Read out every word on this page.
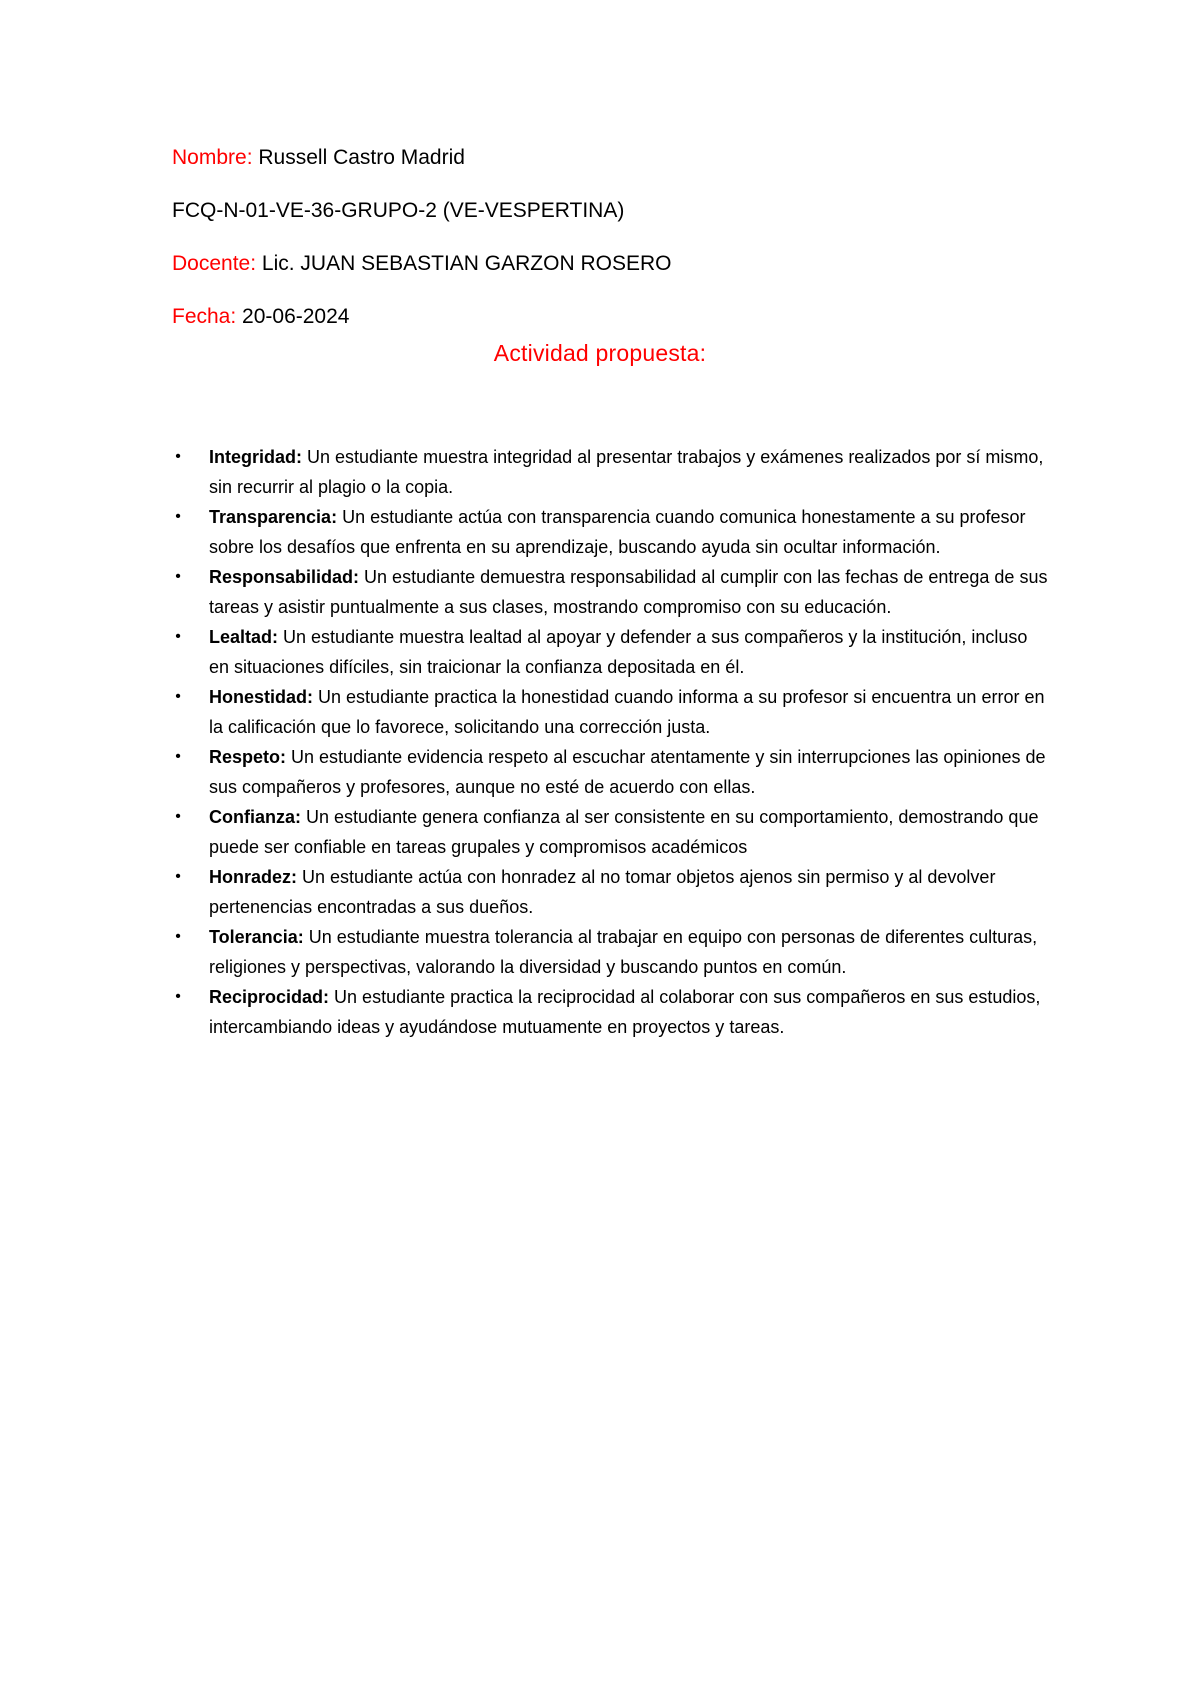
Nombre: Russell Castro Madrid
FCQ-N-01-VE-36-GRUPO-2 (VE-VESPERTINA)
Docente: Lic. JUAN SEBASTIAN GARZON ROSERO
Fecha: 20-06-2024
Actividad propuesta:
• Integridad: Un estudiante muestra integridad al presentar trabajos y exámenes realizados por sí mismo, sin recurrir al plagio o la copia.
• Transparencia: Un estudiante actúa con transparencia cuando comunica honestamente a su profesor sobre los desafíos que enfrenta en su aprendizaje, buscando ayuda sin ocultar información.
• Responsabilidad: Un estudiante demuestra responsabilidad al cumplir con las fechas de entrega de sus tareas y asistir puntualmente a sus clases, mostrando compromiso con su educación.
• Lealtad: Un estudiante muestra lealtad al apoyar y defender a sus compañeros y la institución, incluso en situaciones difíciles, sin traicionar la confianza depositada en él.
• Honestidad: Un estudiante practica la honestidad cuando informa a su profesor si encuentra un error en la calificación que lo favorece, solicitando una corrección justa.
• Respeto: Un estudiante evidencia respeto al escuchar atentamente y sin interrupciones las opiniones de sus compañeros y profesores, aunque no esté de acuerdo con ellas.
• Confianza: Un estudiante genera confianza al ser consistente en su comportamiento, demostrando que puede ser confiable en tareas grupales y compromisos académicos
• Honradez: Un estudiante actúa con honradez al no tomar objetos ajenos sin permiso y al devolver pertenencias encontradas a sus dueños.
• Tolerancia: Un estudiante muestra tolerancia al trabajar en equipo con personas de diferentes culturas, religiones y perspectivas, valorando la diversidad y buscando puntos en común.
• Reciprocidad: Un estudiante practica la reciprocidad al colaborar con sus compañeros en sus estudios, intercambiando ideas y ayudándose mutuamente en proyectos y tareas.
